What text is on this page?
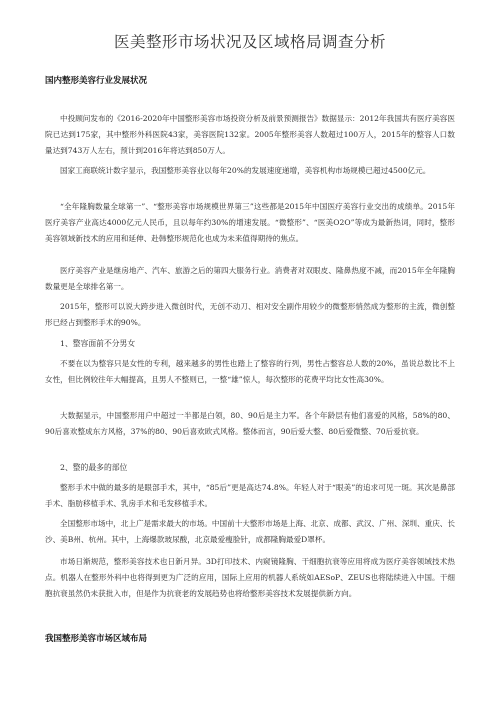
医美整形市场状况及区域格局调查分析
国内整形美容行业发展状况
中投顾问发布的《2016-2020年中国整形美容市场投资分析及前景预测报告》数据显示：2012年我国共有医疗美容医院已达到175家，其中整形外科医院43家，美容医院132家。2005年整形美容人数超过100万人，2015年的整容人口数量达到743万人左右，预计到2016年将达到850万人。
国家工商联统计数字显示，我国整形美容业以每年20%的发展速度递增，美容机构市场规模已超过4500亿元。
“全年隆胸数量全球第一”、“整形美容市场规模世界第三”这些都是2015年中国医疗美容行业交出的成绩单。2015年医疗美容产业高达4000亿元人民币，且以每年约30%的增速发展。“微整形”、“医美O2O”等成为最新热词，同时，整形美容领域新技术的应用和延伸、赴韩整形规范化也成为未来值得期待的焦点。
医疗美容产业是继房地产、汽车、旅游之后的第四大服务行业。消费者对双眼皮、隆鼻热度不减，而2015年全年隆胸数量更是全球排名第一。
2015年，整形可以说大跨步进入微创时代，无创不动刀、相对安全副作用较少的微整形悄然成为整形的主流，微创整形已经占到整形手术的90%。
1、整容面前不分男女
不要在以为整容只是女性的专利，越来越多的男性也踏上了整容的行列，男性占整容总人数的20%，虽说总数比不上女性，但比例较往年大幅提高，且男人不整则已，一整“雄”惊人，每次整形的花费平均比女性高30%。
大数据显示，中国整形用户中超过一半都是白领，80、90后是主力军。各个年龄层有他们喜爱的风格，58%的80、90后喜欢整成东方风格，37%的80、90后喜欢欧式风格。整体而言，90后爱大整、80后爱微整、70后爱抗衰。
2、整的最多的部位
整形手术中做的最多的是眼部手术，其中，“85后”更是高达74.8%。年轻人对于“眼美”的追求可见一斑。其次是鼻部手术、脂肪移植手术、乳房手术和毛发移植手术。
全国整形市场中，北上广是需求最大的市场。中国前十大整形市场是上海、北京、成都、武汉、广州、深圳、重庆、长沙、美B州、杭州。其中，上海爆款玻尿酸，北京最爱瘦脸针，成都隆胸最爱D罩杯。
市场日渐规范，整形美容技术也日新月异。3D打印技术、内窥镜隆胸、干细胞抗衰等应用将成为医疗美容领域技术热点。机器人在整形外科中也将得到更为广泛的应用，国际上应用的机器人系统如AESoP、ZEUS也将陆续进入中国。干细胞抗衰虽然仍未获批入市，但是作为抗衰老的发展趋势也将给整形美容技术发展提供新方向。
我国整形美容市场区域布局
